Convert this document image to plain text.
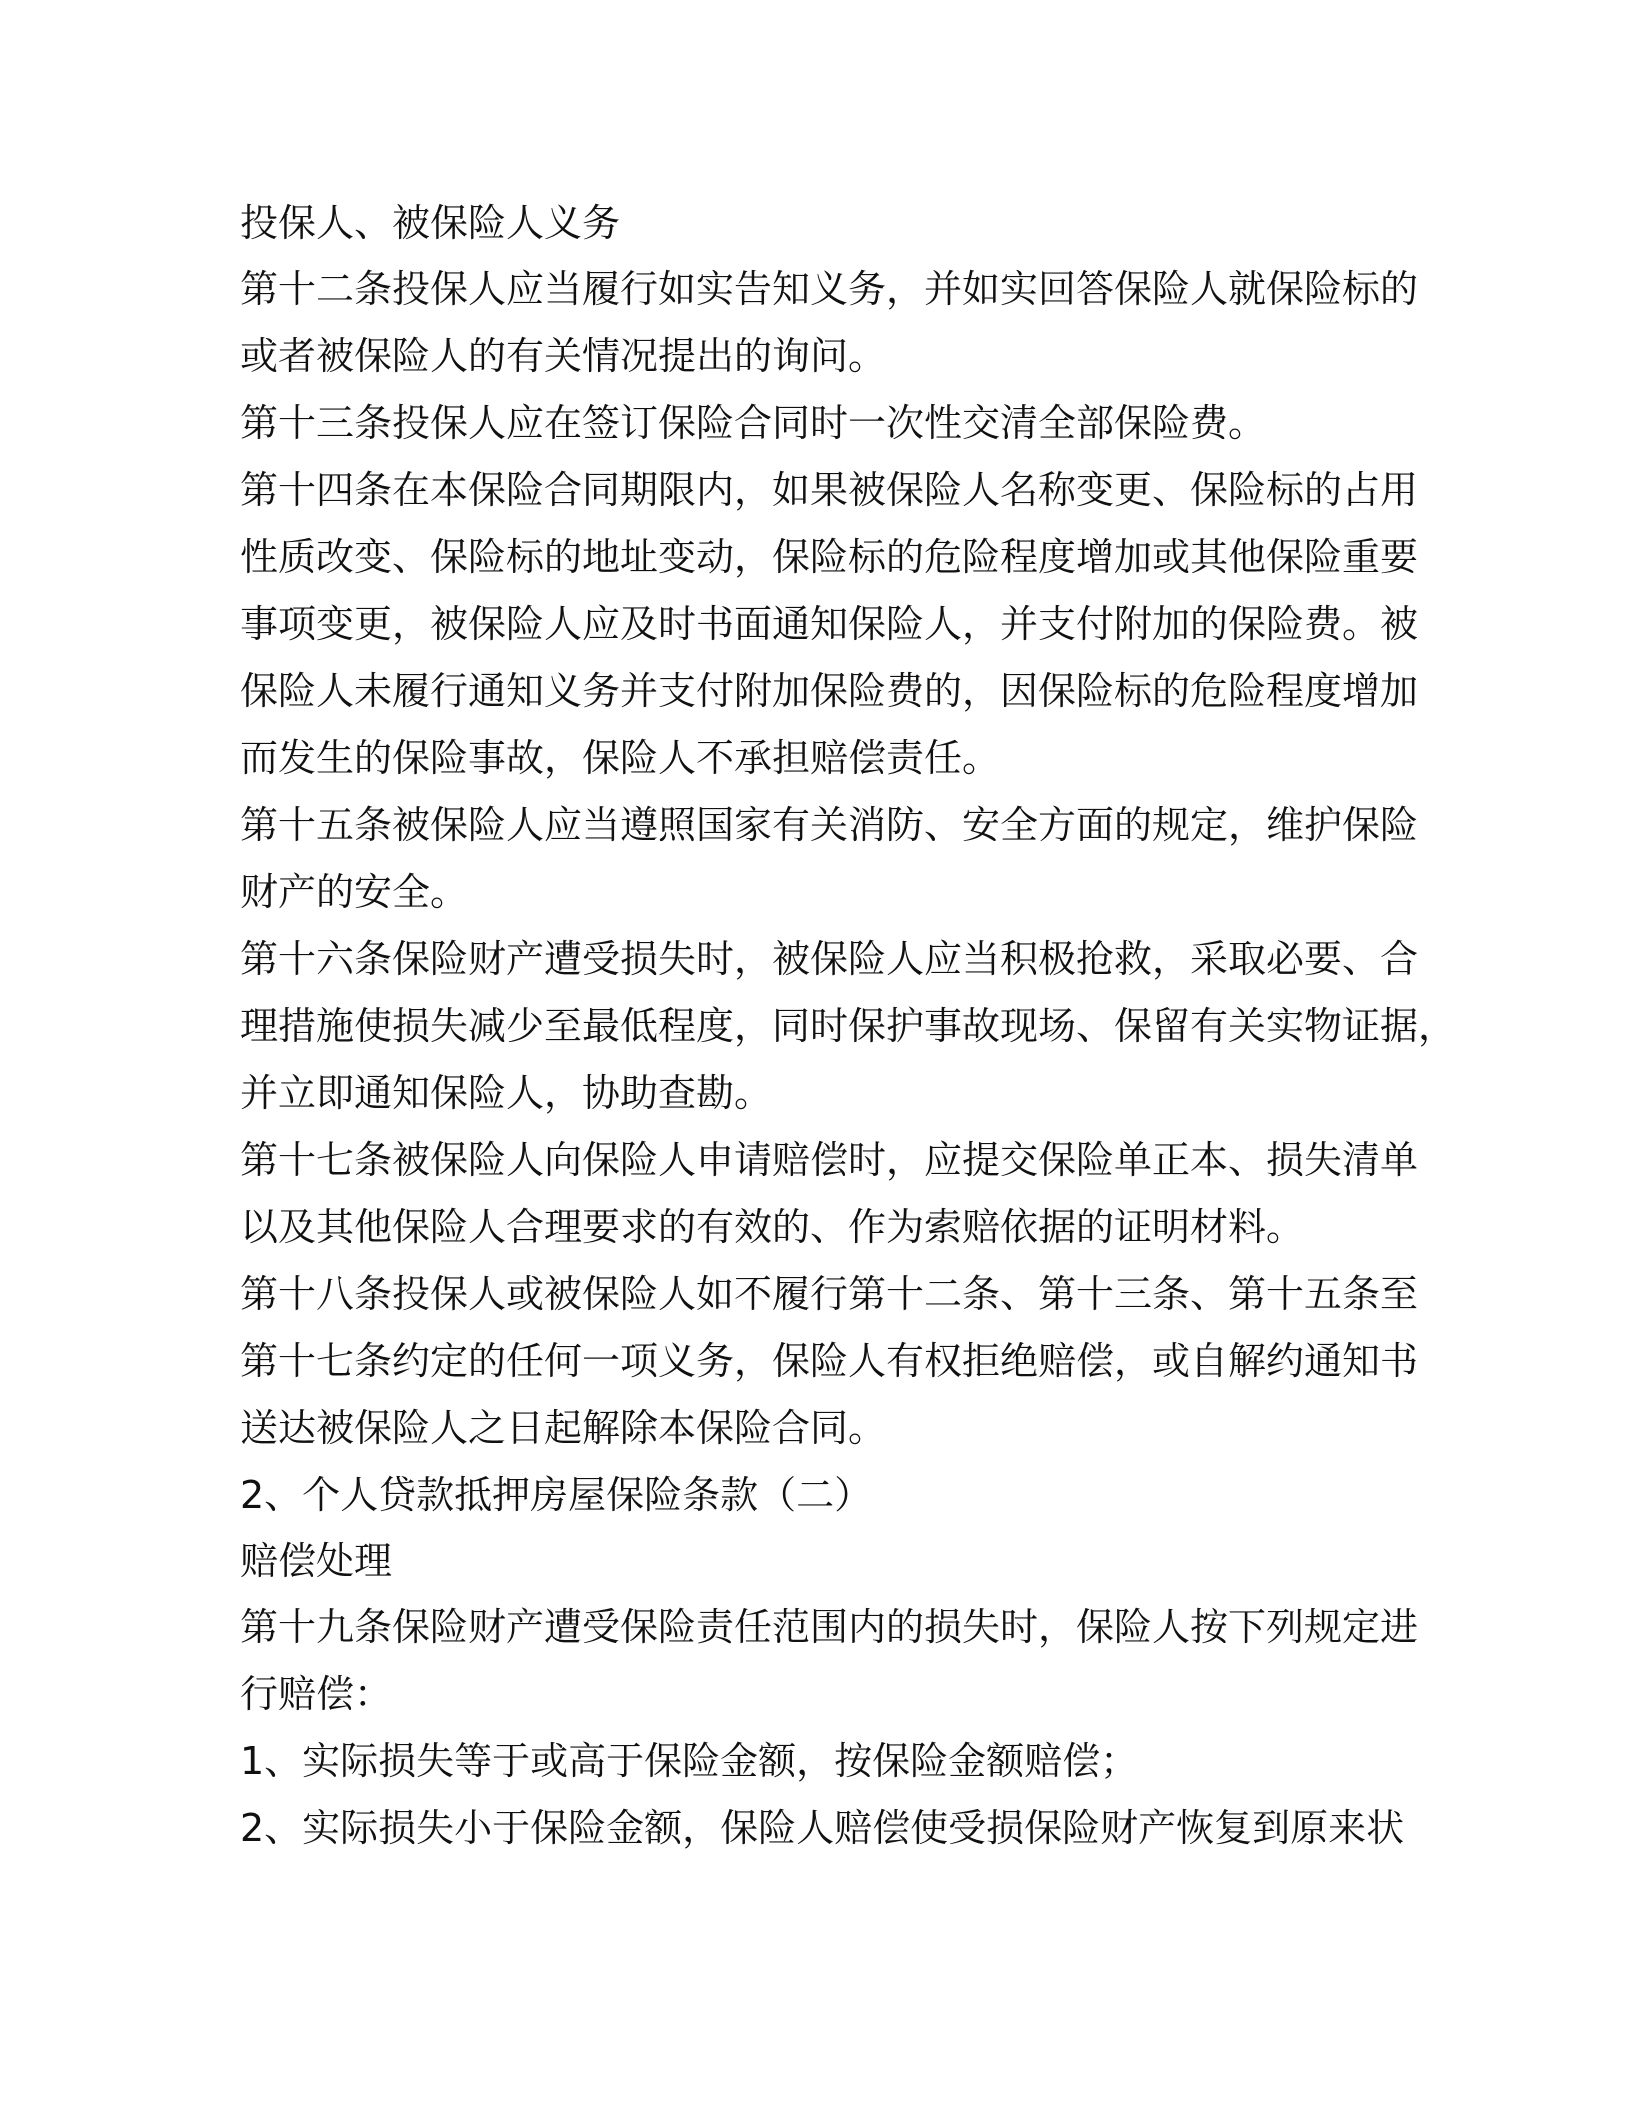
投保人、被保险人义务
第十二条投保人应当履行如实告知义务，并如实回答保险人就保险标的
或者被保险人的有关情况提出的询问。
第十三条投保人应在签订保险合同时一次性交清全部保险费。
第十四条在本保险合同期限内，如果被保险人名称变更、保险标的占用
性质改变、保险标的地址变动，保险标的危险程度增加或其他保险重要
事项变更，被保险人应及时书面通知保险人，并支付附加的保险费。被
保险人未履行通知义务并支付附加保险费的，因保险标的危险程度增加
而发生的保险事故，保险人不承担赔偿责任。
第十五条被保险人应当遵照国家有关消防、安全方面的规定，维护保险
财产的安全。
第十六条保险财产遭受损失时，被保险人应当积极抢救，采取必要、合
理措施使损失减少至最低程度，同时保护事故现场、保留有关实物证据，
并立即通知保险人，协助查勘。
第十七条被保险人向保险人申请赔偿时，应提交保险单正本、损失清单
以及其他保险人合理要求的有效的、作为索赔依据的证明材料。
第十八条投保人或被保险人如不履行第十二条、第十三条、第十五条至
第十七条约定的任何一项义务，保险人有权拒绝赔偿，或自解约通知书
送达被保险人之日起解除本保险合同。
2、个人贷款抵押房屋保险条款（二）
赔偿处理
第十九条保险财产遭受保险责任范围内的损失时，保险人按下列规定进
行赔偿：
1、实际损失等于或高于保险金额，按保险金额赔偿；
2、实际损失小于保险金额，保险人赔偿使受损保险财产恢复到原来状
